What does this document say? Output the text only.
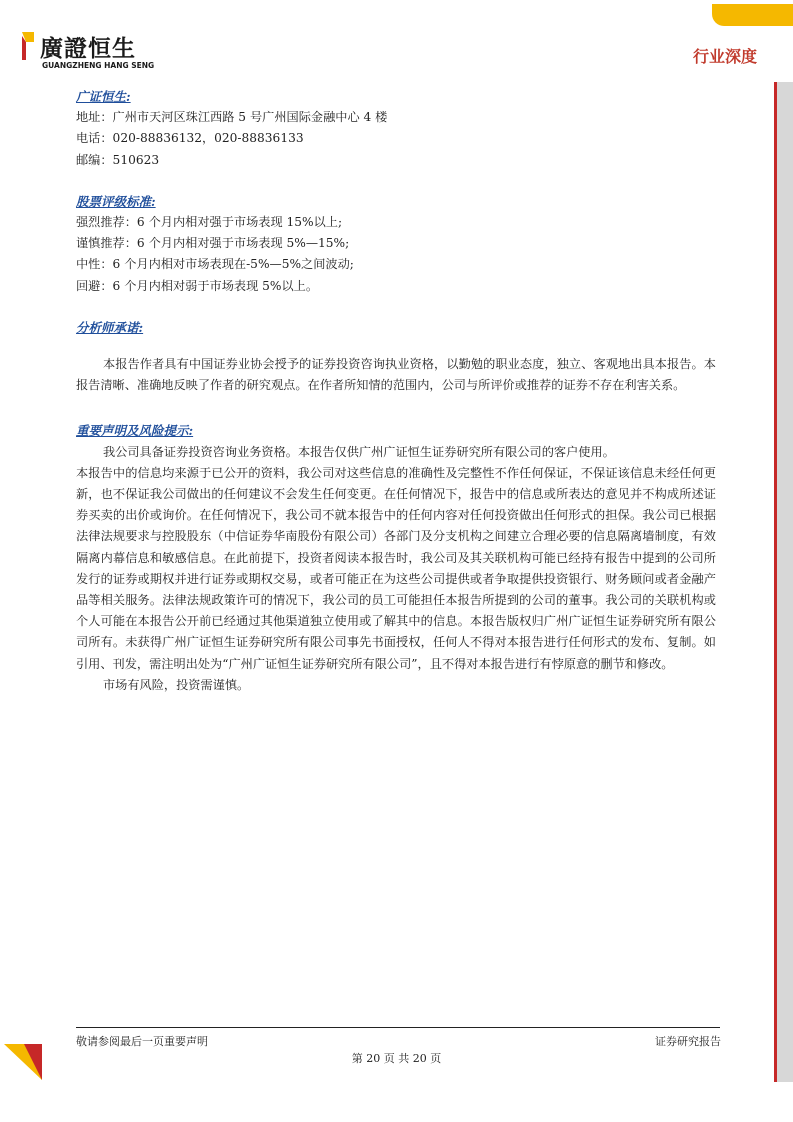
廣證恒生
GUANGZHENG HANG SENG	行业深度

广证恒生:

地址：广州市天河区珠江西路 5 号广州国际金融中心 4 楼

电话：020-88836132，020-88836133

邮编：510623

股票评级标准:

强烈推荐：6 个月内相对强于市场表现 15%以上;

谨慎推荐：6 个月内相对强于市场表现 5%—15%;

中性：6 个月内相对市场表现在-5%—5%之间波动;

回避：6 个月内相对弱于市场表现 5%以上。

分析师承诺:

本报告作者具有中国证券业协会授予的证券投资咨询执业资格，以勤勉的职业态度，独立、客观地出具本报告。本报告清晰、准确地反映了作者的研究观点。在作者所知情的范围内，公司与所评价或推荐的证券不存在利害关系。

重要声明及风险提示:

我公司具备证券投资咨询业务资格。本报告仅供广州广证恒生证券研究所有限公司的客户使用。

本报告中的信息均来源于已公开的资料，我公司对这些信息的准确性及完整性不作任何保证，不保证该信息未经任何更新，也不保证我公司做出的任何建议不会发生任何变更。在任何情况下，报告中的信息或所表达的意见并不构成所述证券买卖的出价或询价。在任何情况下，我公司不就本报告中的任何内容对任何投资做出任何形式的担保。我公司已根据法律法规要求与控股股东（中信证券华南股份有限公司）各部门及分支机构之间建立合理必要的信息隔离墙制度，有效隔离内幕信息和敏感信息。在此前提下，投资者阅读本报告时，我公司及其关联机构可能已经持有报告中提到的公司所发行的证券或期权并进行证券或期权交易，或者可能正在为这些公司提供或者争取提供投资银行、财务顾问或者金融产品等相关服务。法律法规政策许可的情况下，我公司的员工可能担任本报告所提到的公司的董事。我公司的关联机构或个人可能在本报告公开前已经通过其他渠道独立使用或了解其中的信息。本报告版权归广州广证恒生证券研究所有限公司所有。未获得广州广证恒生证券研究所有限公司事先书面授权，任何人不得对本报告进行任何形式的发布、复制。如引用、刊发，需注明出处为“广州广证恒生证券研究所有限公司”，且不得对本报告进行有悖原意的删节和修改。

市场有风险，投资需谨慎。

敬请参阅最后一页重要声明	证券研究报告
第 20 页 共 20 页
